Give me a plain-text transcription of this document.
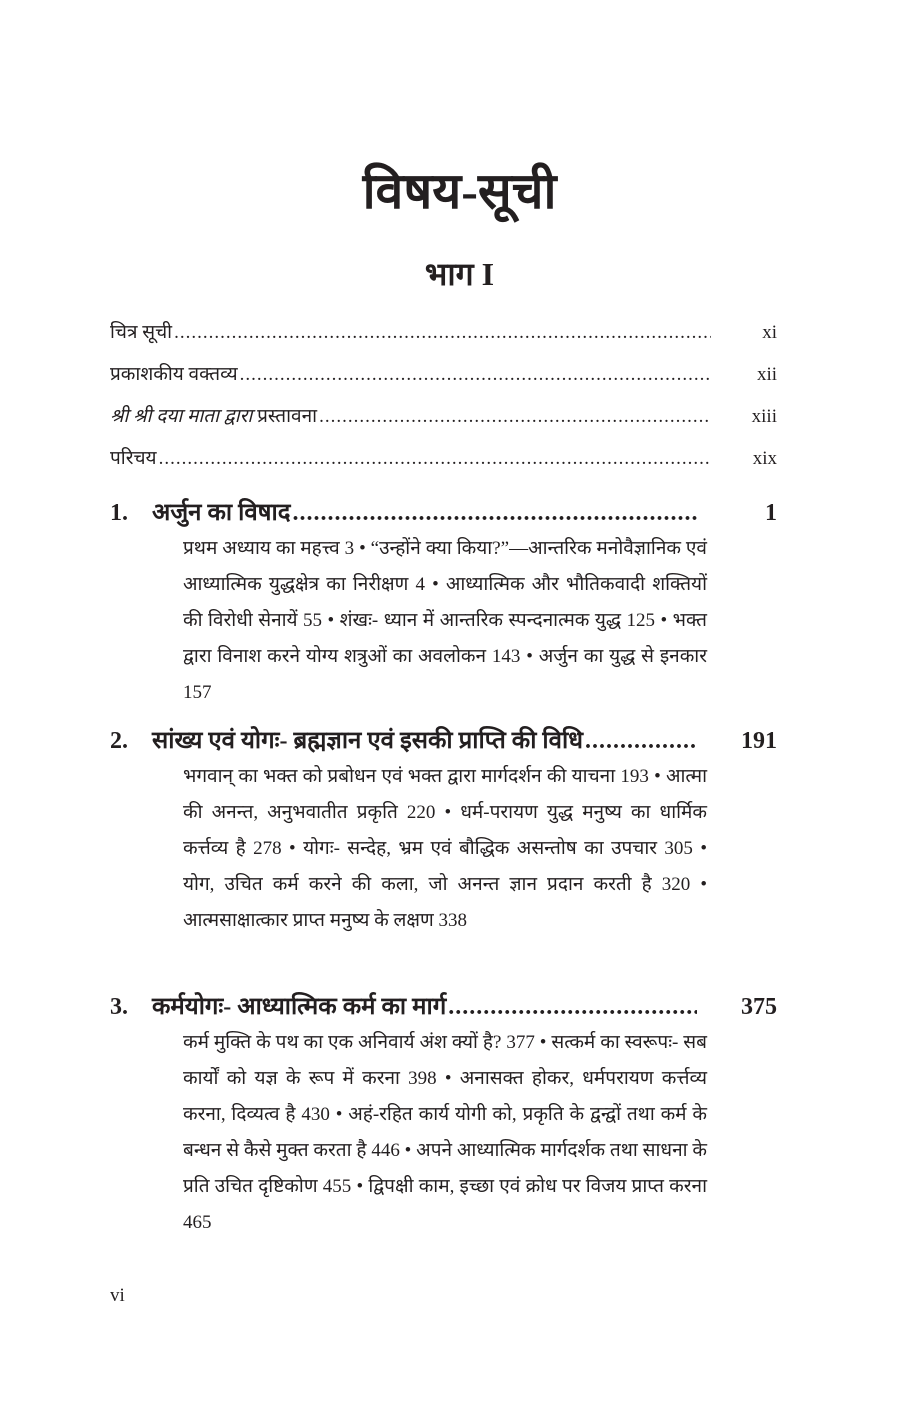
विषय-सूची
भाग I
चित्र सूची .....	xi
प्रकाशकीय वक्तव्य .....	xii
श्री श्री दया माता द्वारा प्रस्तावना .....	xiii
परिचय .....	xix
1.	अर्जुन का विषाद .....	1
प्रथम अध्याय का महत्त्व 3 • “उन्होंने क्या किया?”—आन्तरिक मनोवैज्ञानिक एवं आध्यात्मिक युद्धक्षेत्र का निरीक्षण 4 • आध्यात्मिक और भौतिकवादी शक्तियों की विरोधी सेनायें 55 • शंखः- ध्यान में आन्तरिक स्पन्दनात्मक युद्ध 125 • भक्त द्वारा विनाश करने योग्य शत्रुओं का अवलोकन 143 • अर्जुन का युद्ध से इनकार 157
2.	सांख्य एवं योगः- ब्रह्मज्ञान एवं इसकी प्राप्ति की विधि .....	191
भगवान् का भक्त को प्रबोधन एवं भक्त द्वारा मार्गदर्शन की याचना 193 • आत्मा की अनन्त, अनुभवातीत प्रकृति 220 • धर्म-परायण युद्ध मनुष्य का धार्मिक कर्त्तव्य है 278 • योगः- सन्देह, भ्रम एवं बौद्धिक असन्तोष का उपचार 305 • योग, उचित कर्म करने की कला, जो अनन्त ज्ञान प्रदान करती है 320 • आत्मसाक्षात्कार प्राप्त मनुष्य के लक्षण 338
3.	कर्मयोगः- आध्यात्मिक कर्म का मार्ग .....	375
कर्म मुक्ति के पथ का एक अनिवार्य अंश क्यों है? 377 • सत्कर्म का स्वरूपः- सब कार्यों को यज्ञ के रूप में करना 398 • अनासक्त होकर, धर्मपरायण कर्त्तव्य करना, दिव्यत्व है 430 • अहं-रहित कार्य योगी को, प्रकृति के द्वन्द्वों तथा कर्म के बन्धन से कैसे मुक्त करता है 446 • अपने आध्यात्मिक मार्गदर्शक तथा साधना के प्रति उचित दृष्टिकोण 455 • द्विपक्षी काम, इच्छा एवं क्रोध पर विजय प्राप्त करना 465
vi
